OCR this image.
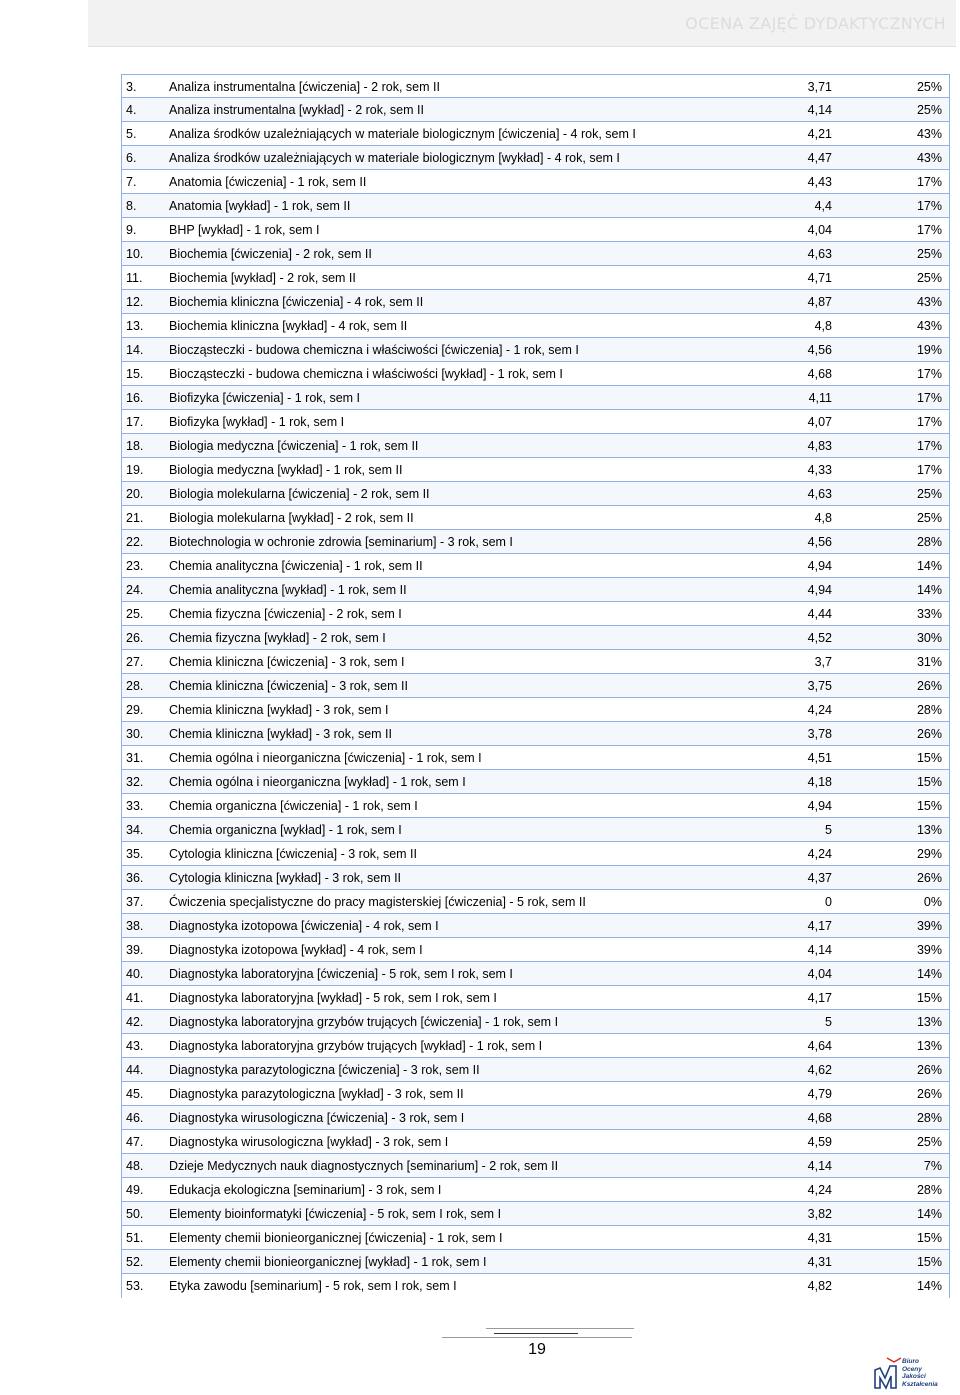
OCENA ZAJĘĆ DYDAKTYCZNYCH
3.	Analiza instrumentalna [ćwiczenia] - 2 rok, sem II	3,71	25%
4.	Analiza instrumentalna [wykład] - 2 rok, sem II	4,14	25%
5.	Analiza środków uzależniających w materiale biologicznym [ćwiczenia] - 4 rok, sem I	4,21	43%
6.	Analiza środków uzależniających w materiale biologicznym [wykład] - 4 rok, sem I	4,47	43%
7.	Anatomia [ćwiczenia] - 1 rok, sem II	4,43	17%
8.	Anatomia [wykład] - 1 rok, sem II	4,4	17%
9.	BHP [wykład] - 1 rok, sem I	4,04	17%
10.	Biochemia [ćwiczenia] - 2 rok, sem II	4,63	25%
11.	Biochemia [wykład] - 2 rok, sem II	4,71	25%
12.	Biochemia kliniczna [ćwiczenia] - 4 rok, sem II	4,87	43%
13.	Biochemia kliniczna [wykład] - 4 rok, sem II	4,8	43%
14.	Biocząsteczki - budowa chemiczna i właściwości [ćwiczenia] - 1 rok, sem I	4,56	19%
15.	Biocząsteczki - budowa chemiczna i właściwości [wykład] - 1 rok, sem I	4,68	17%
16.	Biofizyka [ćwiczenia] - 1 rok, sem I	4,11	17%
17.	Biofizyka [wykład] - 1 rok, sem I	4,07	17%
18.	Biologia medyczna [ćwiczenia] - 1 rok, sem II	4,83	17%
19.	Biologia medyczna [wykład] - 1 rok, sem II	4,33	17%
20.	Biologia molekularna [ćwiczenia] - 2 rok, sem II	4,63	25%
21.	Biologia molekularna [wykład] - 2 rok, sem II	4,8	25%
22.	Biotechnologia w ochronie zdrowia [seminarium] - 3 rok, sem I	4,56	28%
23.	Chemia analityczna [ćwiczenia] - 1 rok, sem II	4,94	14%
24.	Chemia analityczna [wykład] - 1 rok, sem II	4,94	14%
25.	Chemia fizyczna [ćwiczenia] - 2 rok, sem I	4,44	33%
26.	Chemia fizyczna [wykład] - 2 rok, sem I	4,52	30%
27.	Chemia kliniczna [ćwiczenia] - 3 rok, sem I	3,7	31%
28.	Chemia kliniczna [ćwiczenia] - 3 rok, sem II	3,75	26%
29.	Chemia kliniczna [wykład] - 3 rok, sem I	4,24	28%
30.	Chemia kliniczna [wykład] - 3 rok, sem II	3,78	26%
31.	Chemia ogólna i nieorganiczna [ćwiczenia] - 1 rok, sem I	4,51	15%
32.	Chemia ogólna i nieorganiczna [wykład] - 1 rok, sem I	4,18	15%
33.	Chemia organiczna [ćwiczenia] - 1 rok, sem I	4,94	15%
34.	Chemia organiczna [wykład] - 1 rok, sem I	5	13%
35.	Cytologia kliniczna [ćwiczenia] - 3 rok, sem II	4,24	29%
36.	Cytologia kliniczna [wykład] - 3 rok, sem II	4,37	26%
37.	Ćwiczenia specjalistyczne do pracy magisterskiej [ćwiczenia] - 5 rok, sem II	0	0%
38.	Diagnostyka izotopowa [ćwiczenia] - 4 rok, sem I	4,17	39%
39.	Diagnostyka izotopowa [wykład] - 4 rok, sem I	4,14	39%
40.	Diagnostyka laboratoryjna [ćwiczenia] - 5 rok, sem I rok, sem I	4,04	14%
41.	Diagnostyka laboratoryjna [wykład] - 5 rok, sem I rok, sem I	4,17	15%
42.	Diagnostyka laboratoryjna grzybów trujących [ćwiczenia] - 1 rok, sem I	5	13%
43.	Diagnostyka laboratoryjna grzybów trujących [wykład] - 1 rok, sem I	4,64	13%
44.	Diagnostyka parazytologiczna [ćwiczenia] - 3 rok, sem II	4,62	26%
45.	Diagnostyka parazytologiczna [wykład] - 3 rok, sem II	4,79	26%
46.	Diagnostyka wirusologiczna [ćwiczenia] - 3 rok, sem I	4,68	28%
47.	Diagnostyka wirusologiczna [wykład] - 3 rok, sem I	4,59	25%
48.	Dzieje Medycznych nauk diagnostycznych [seminarium] - 2 rok, sem II	4,14	7%
49.	Edukacja ekologiczna [seminarium] - 3 rok, sem I	4,24	28%
50.	Elementy bioinformatyki [ćwiczenia] - 5 rok, sem I rok, sem I	3,82	14%
51.	Elementy chemii bionieorganicznej [ćwiczenia] - 1 rok, sem I	4,31	15%
52.	Elementy chemii bionieorganicznej [wykład] - 1 rok, sem I	4,31	15%
53.	Etyka zawodu [seminarium] - 5 rok, sem I rok, sem I	4,82	14%
19
Biuro
Oceny
Jakości
Kształcenia
